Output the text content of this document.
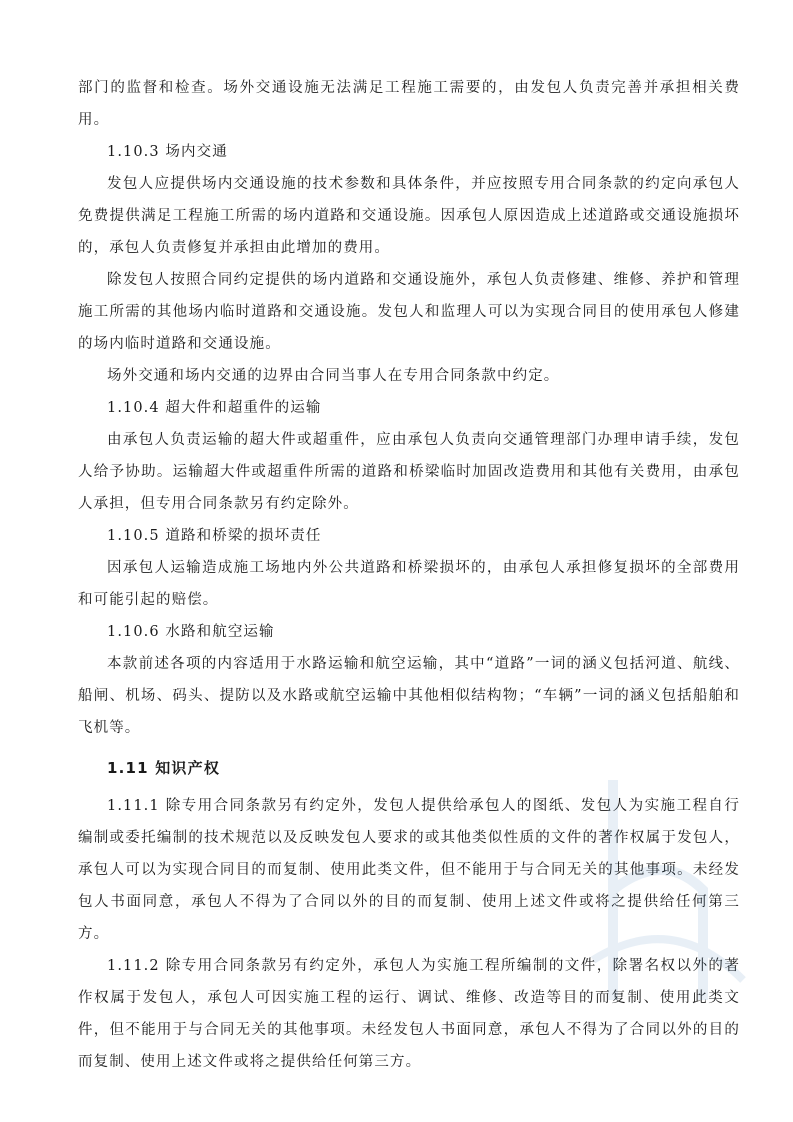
部门的监督和检查。场外交通设施无法满足工程施工需要的，由发包人负责完善并承担相关费用。

1.10.3 场内交通

发包人应提供场内交通设施的技术参数和具体条件，并应按照专用合同条款的约定向承包人免费提供满足工程施工所需的场内道路和交通设施。因承包人原因造成上述道路或交通设施损坏的，承包人负责修复并承担由此增加的费用。

除发包人按照合同约定提供的场内道路和交通设施外，承包人负责修建、维修、养护和管理施工所需的其他场内临时道路和交通设施。发包人和监理人可以为实现合同目的使用承包人修建的场内临时道路和交通设施。

场外交通和场内交通的边界由合同当事人在专用合同条款中约定。

1.10.4 超大件和超重件的运输

由承包人负责运输的超大件或超重件，应由承包人负责向交通管理部门办理申请手续，发包人给予协助。运输超大件或超重件所需的道路和桥梁临时加固改造费用和其他有关费用，由承包人承担，但专用合同条款另有约定除外。

1.10.5 道路和桥梁的损坏责任

因承包人运输造成施工场地内外公共道路和桥梁损坏的，由承包人承担修复损坏的全部费用和可能引起的赔偿。

1.10.6 水路和航空运输

本款前述各项的内容适用于水路运输和航空运输，其中“道路”一词的涵义包括河道、航线、船闸、机场、码头、提防以及水路或航空运输中其他相似结构物；“车辆”一词的涵义包括船舶和飞机等。

1.11 知识产权

1.11.1 除专用合同条款另有约定外，发包人提供给承包人的图纸、发包人为实施工程自行编制或委托编制的技术规范以及反映发包人要求的或其他类似性质的文件的著作权属于发包人，承包人可以为实现合同目的而复制、使用此类文件，但不能用于与合同无关的其他事项。未经发包人书面同意，承包人不得为了合同以外的目的而复制、使用上述文件或将之提供给任何第三方。

1.11.2 除专用合同条款另有约定外，承包人为实施工程所编制的文件，除署名权以外的著作权属于发包人，承包人可因实施工程的运行、调试、维修、改造等目的而复制、使用此类文件，但不能用于与合同无关的其他事项。未经发包人书面同意，承包人不得为了合同以外的目的而复制、使用上述文件或将之提供给任何第三方。
